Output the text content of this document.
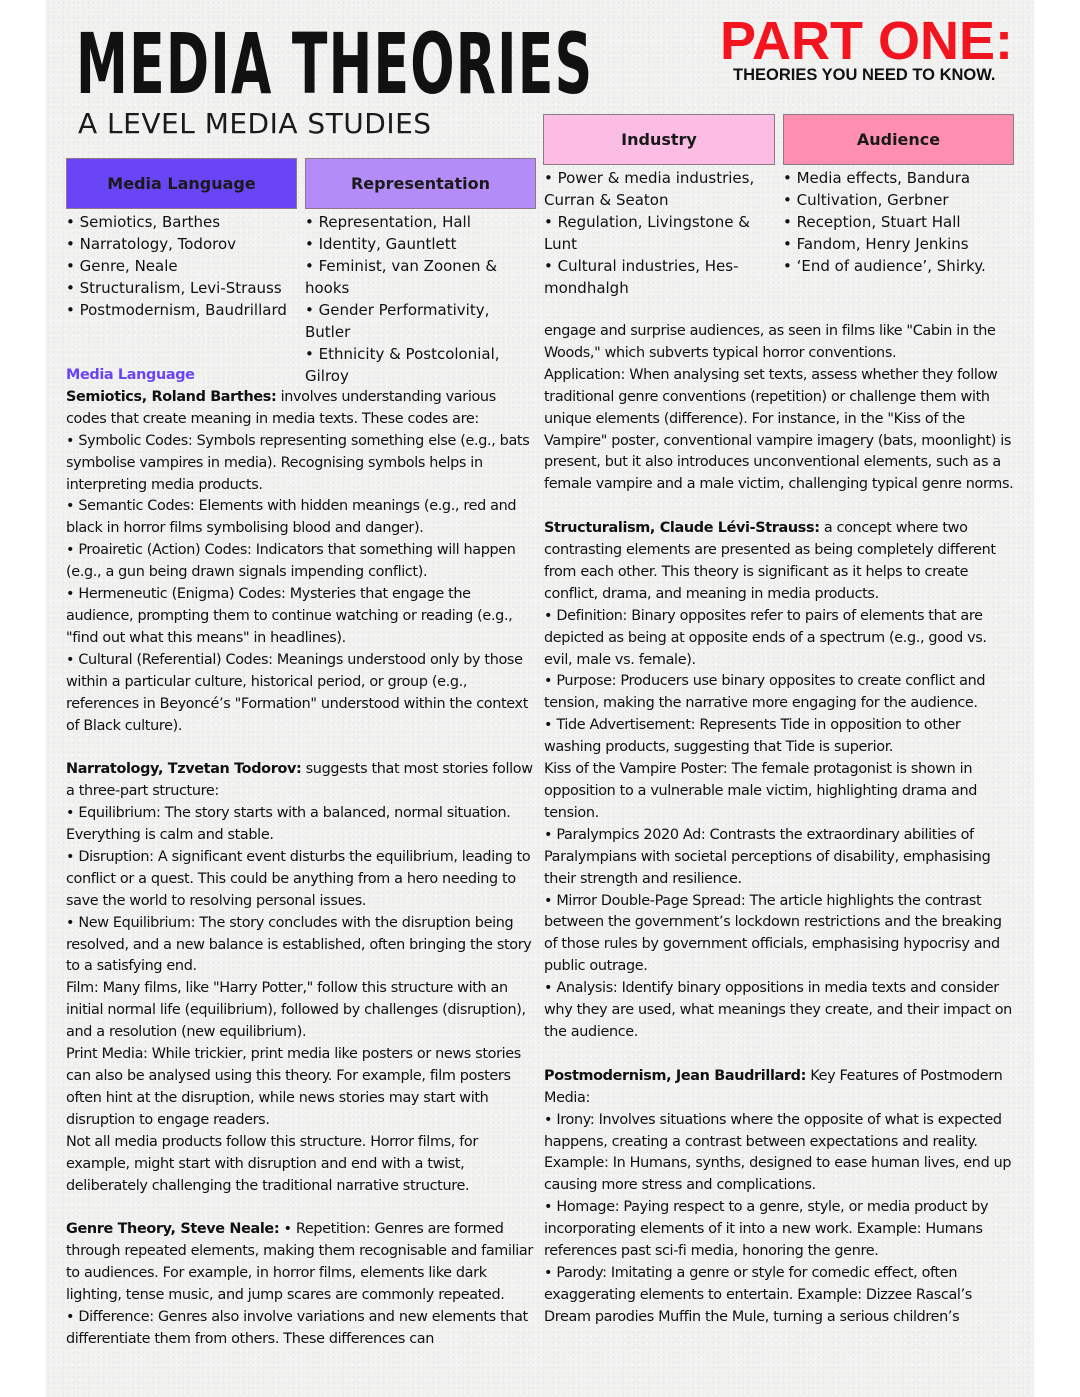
MEDIA THEORIES
A LEVEL MEDIA STUDIES
PART ONE:
THEORIES YOU NEED TO KNOW.
Media Language	Representation
Industry	Audience
• Semiotics, Barthes
• Narratology, Todorov
• Genre, Neale
• Structuralism, Levi-Strauss
• Postmodernism, Baudrillard
• Representation, Hall
• Identity, Gauntlett
• Feminist, van Zoonen & hooks
• Gender Performativity,
Butler
• Ethnicity & Postcolonial,
Gilroy
• Power & media industries,
Curran & Seaton
• Regulation, Livingstone &
Lunt
• Cultural industries, Hes-
mondhalgh
• Media effects, Bandura
• Cultivation, Gerbner
• Reception, Stuart Hall
• Fandom, Henry Jenkins
• ‘End of audience’, Shirky.

Media Language

Semiotics, Roland Barthes: involves understanding various codes that create meaning in media texts. These codes are:

• Symbolic Codes: Symbols representing something else (e.g., bats symbolise vampires in media). Recognising symbols helps in interpreting media products.

• Semantic Codes: Elements with hidden meanings (e.g., red and black in horror films symbolising blood and danger).

• Proairetic (Action) Codes: Indicators that something will happen (e.g., a gun being drawn signals impending conflict).

• Hermeneutic (Enigma) Codes: Mysteries that engage the audience, prompting them to continue watching or reading (e.g., "find out what this means" in headlines).

• Cultural (Referential) Codes: Meanings understood only by those within a particular culture, historical period, or group (e.g., references in Beyoncé’s "Formation" understood within the context of Black culture).

Narratology, Tzvetan Todorov: suggests that most stories follow a three-part structure:

• Equilibrium: The story starts with a balanced, normal situation. Everything is calm and stable.

• Disruption: A significant event disturbs the equilibrium, leading to conflict or a quest. This could be anything from a hero needing to save the world to resolving personal issues.

• New Equilibrium: The story concludes with the disruption being resolved, and a new balance is established, often bringing the story to a satisfying end.

Film: Many films, like "Harry Potter," follow this structure with an initial normal life (equilibrium), followed by challenges (disruption), and a resolution (new equilibrium).

Print Media: While trickier, print media like posters or news stories can also be analysed using this theory. For example, film posters often hint at the disruption, while news stories may start with disruption to engage readers.

Not all media products follow this structure. Horror films, for example, might start with disruption and end with a twist, deliberately challenging the traditional narrative structure.

Genre Theory, Steve Neale: • Repetition: Genres are formed through repeated elements, making them recognisable and familiar to audiences. For example, in horror films, elements like dark lighting, tense music, and jump scares are commonly repeated.

• Difference: Genres also involve variations and new elements that differentiate them from others. These differences can

engage and surprise audiences, as seen in films like "Cabin in the Woods," which subverts typical horror conventions.

Application: When analysing set texts, assess whether they follow traditional genre conventions (repetition) or challenge them with unique elements (difference). For instance, in the "Kiss of the Vampire" poster, conventional vampire imagery (bats, moonlight) is present, but it also introduces unconventional elements, such as a female vampire and a male victim, challenging typical genre norms.

Structuralism, Claude Lévi-Strauss: a concept where two contrasting elements are presented as being completely different from each other. This theory is significant as it helps to create conflict, drama, and meaning in media products.

• Definition: Binary opposites refer to pairs of elements that are depicted as being at opposite ends of a spectrum (e.g., good vs. evil, male vs. female).

• Purpose: Producers use binary opposites to create conflict and tension, making the narrative more engaging for the audience.

• Tide Advertisement: Represents Tide in opposition to other washing products, suggesting that Tide is superior.

Kiss of the Vampire Poster: The female protagonist is shown in opposition to a vulnerable male victim, highlighting drama and tension.

• Paralympics 2020 Ad: Contrasts the extraordinary abilities of Paralympians with societal perceptions of disability, emphasising their strength and resilience.

• Mirror Double-Page Spread: The article highlights the contrast between the government’s lockdown restrictions and the breaking of those rules by government officials, emphasising hypocrisy and public outrage.

• Analysis: Identify binary oppositions in media texts and consider why they are used, what meanings they create, and their impact on the audience.

Postmodernism, Jean Baudrillard: Key Features of Postmodern Media:

• Irony: Involves situations where the opposite of what is expected happens, creating a contrast between expectations and reality. Example: In Humans, synths, designed to ease human lives, end up causing more stress and complications.

• Homage: Paying respect to a genre, style, or media product by incorporating elements of it into a new work. Example: Humans references past sci-fi media, honoring the genre.

• Parody: Imitating a genre or style for comedic effect, often exaggerating elements to entertain. Example: Dizzee Rascal’s Dream parodies Muffin the Mule, turning a serious children’s
